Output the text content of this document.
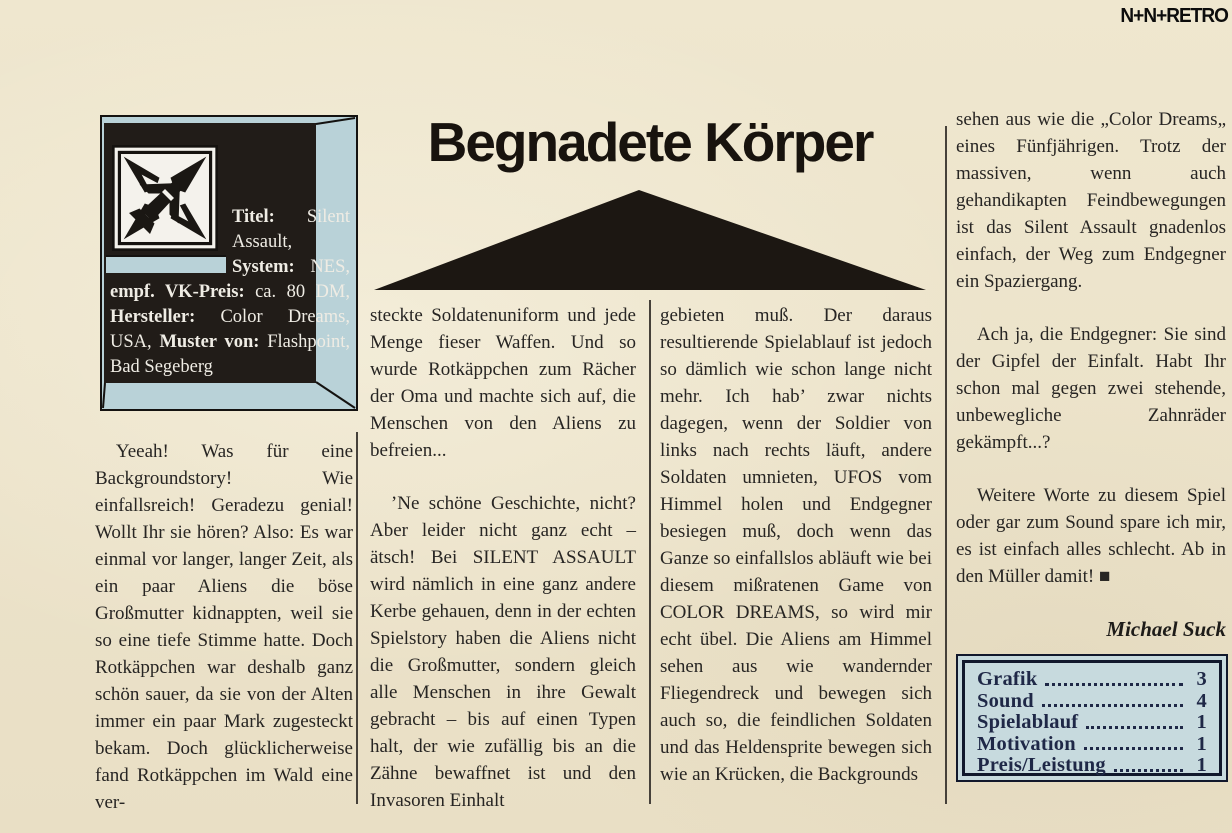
N+N+RETRO
Begnadete Körper
Titel: Silent Assault, System: NES, empf. VK-Preis: ca. 80 DM, Hersteller: Color Dreams, USA, Muster von: Flashpoint, Bad Segeberg

Yeeah! Was für eine Backgroundstory! Wie einfallsreich! Geradezu genial! Wollt Ihr sie hören? Also: Es war einmal vor langer, langer Zeit, als ein paar Aliens die böse Großmutter kidnappten, weil sie so eine tiefe Stimme hatte. Doch Rotkäppchen war deshalb ganz schön sauer, da sie von der Alten immer ein paar Mark zugesteckt bekam. Doch glücklicherweise fand Rotkäppchen im Wald eine ver-

steckte Soldatenuniform und jede Menge fieser Waffen. Und so wurde Rotkäppchen zum Rächer der Oma und machte sich auf, die Menschen von den Aliens zu befreien...

’Ne schöne Geschichte, nicht? Aber leider nicht ganz echt – ätsch! Bei SILENT ASSAULT wird nämlich in eine ganz andere Kerbe gehauen, denn in der echten Spielstory haben die Aliens nicht die Großmutter, sondern gleich alle Menschen in ihre Gewalt gebracht – bis auf einen Typen halt, der wie zufällig bis an die Zähne bewaffnet ist und den Invasoren Einhalt

gebieten muß. Der daraus resultierende Spielablauf ist jedoch so dämlich wie schon lange nicht mehr. Ich hab’ zwar nichts dagegen, wenn der Soldier von links nach rechts läuft, andere Soldaten umnieten, UFOS vom Himmel holen und Endgegner besiegen muß, doch wenn das Ganze so einfallslos abläuft wie bei diesem mißratenen Game von COLOR DREAMS, so wird mir echt übel. Die Aliens am Himmel sehen aus wie wandernder Fliegendreck und bewegen sich auch so, die feindlichen Soldaten und das Heldensprite bewegen sich wie an Krücken, die Backgrounds

sehen aus wie die „Color Dreams„ eines Fünfjährigen. Trotz der massiven, wenn auch gehandikapten Feindbewegungen ist das Silent Assault gnadenlos einfach, der Weg zum Endgegner ein Spaziergang.

Ach ja, die Endgegner: Sie sind der Gipfel der Einfalt. Habt Ihr schon mal gegen zwei stehende, unbewegliche Zahnräder gekämpft...?

Weitere Worte zu diesem Spiel oder gar zum Sound spare ich mir, es ist einfach alles schlecht. Ab in den Müller damit! ■

Michael Suck
Grafik	3
Sound	4
Spielablauf	1
Motivation	1
Preis/Leistung	1
